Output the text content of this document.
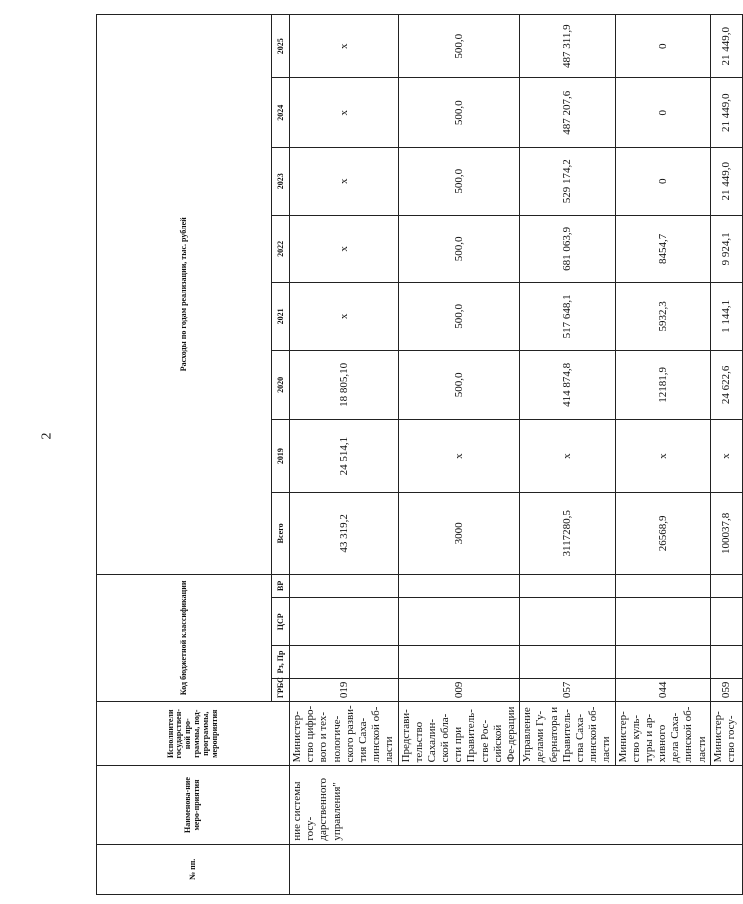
2
№ пп.	Наименова-ние меро-приятия	Исполнители государствен-ной про-граммы, под-программы, мероприятия	Код бюджетной классификации				Расходы по годам реализации, тыс. рублей							
			ГРБС	Рз, Пр	ЦСР	ВР	Всего	2019	2020	2021	2022	2023	2024	2025
	ние системы госу-дарственного управления"	Министер-ство цифро-вого и тех-нологиче-ского разви-тия Саха-линской об-ласти	019				43 319,2	24 514,1	18 805,10	x	x	x	x	x
		Представи-тельство Сахалин-ской обла-сти при Правитель-стве Рос-сийской Фе-дерации	009				3000	x	500,0	500,0	500,0	500,0	500,0	500,0
		Управление делами Гу-бернатора и Правитель-ства Саха-линской об-ласти	057				3117280,5	x	414 874,8	517 648,1	681 063,9	529 174,2	487 207,6	487 311,9
		Министер-ство куль-туры и ар-хивного дела Саха-линской об-ласти	044				26568,9	x	12181,9	5932,3	8454,7	0	0	0
		Министер-ство госу-	059				100037,8	x	24 622,6	1 144,1	9 924,1	21 449,0	21 449,0	21 449,0
